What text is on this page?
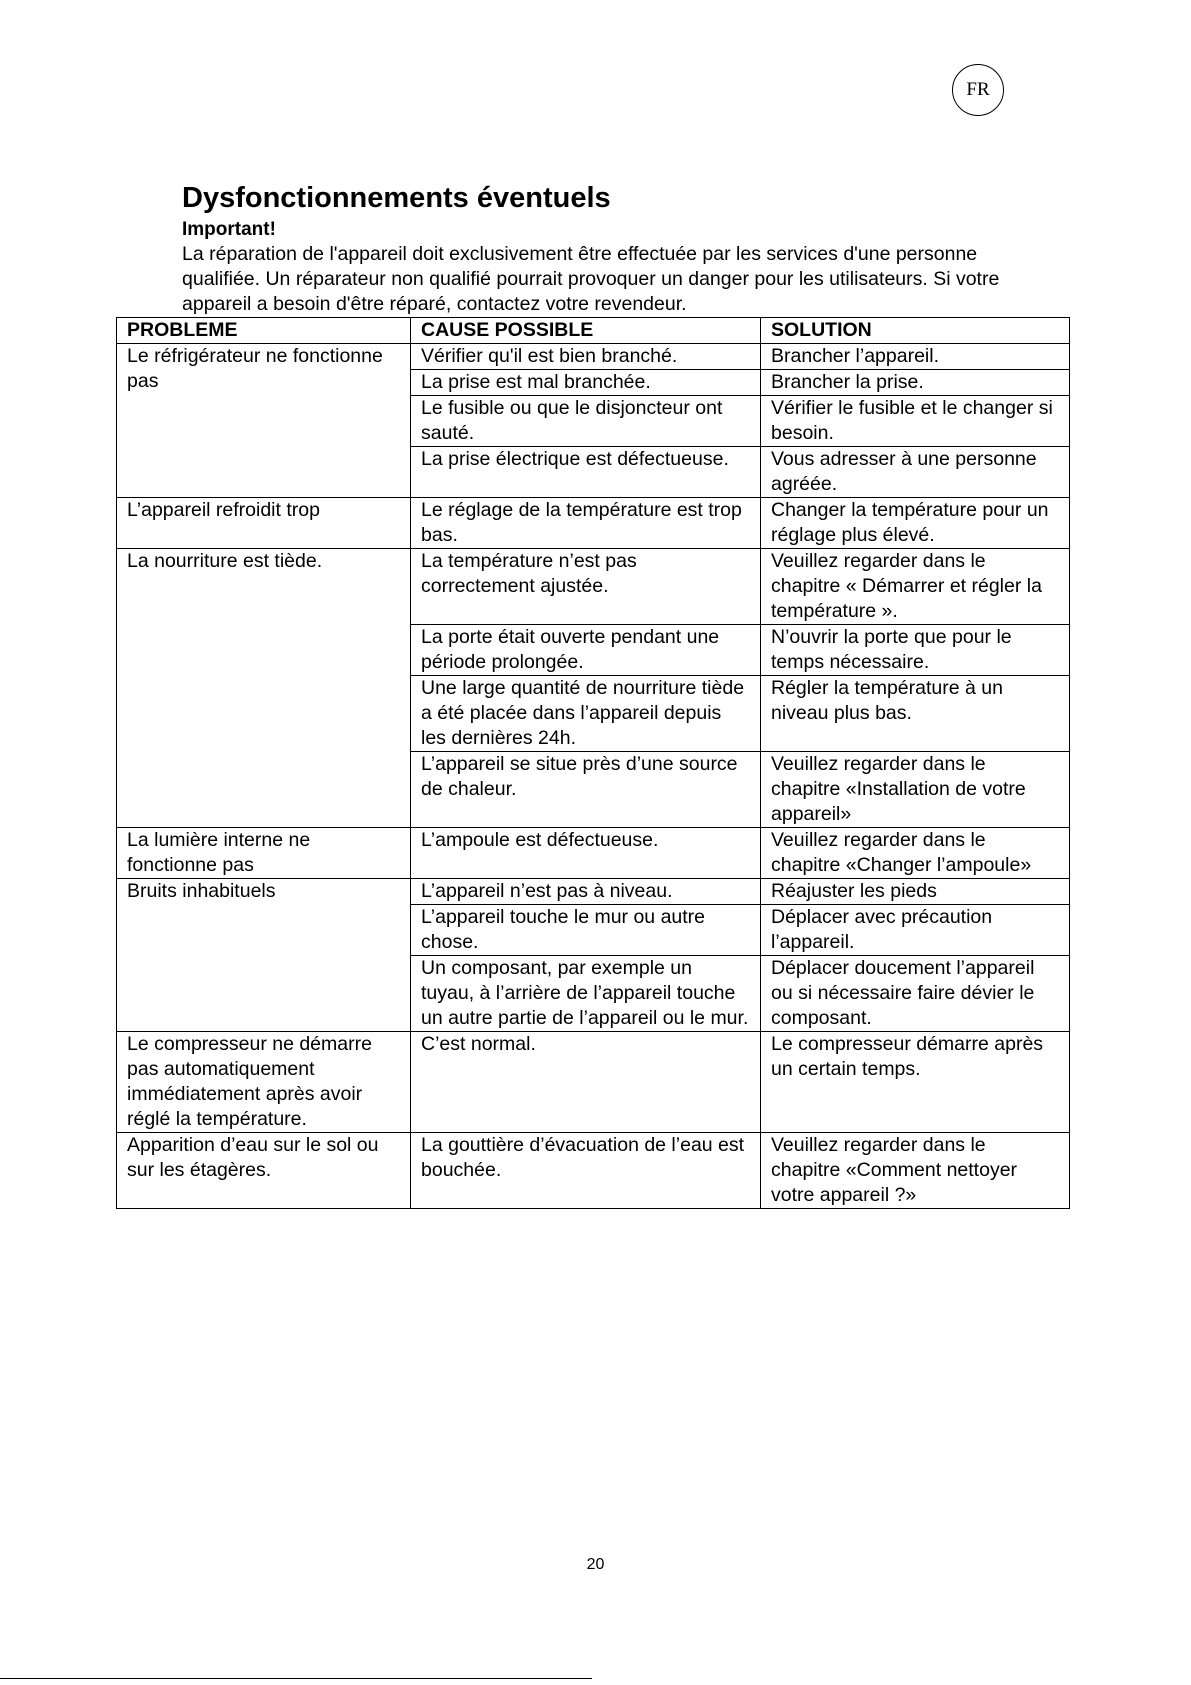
FR
Dysfonctionnements éventuels
Important!

La réparation de l'appareil doit exclusivement être effectuée par les services d'une personne qualifiée. Un réparateur non qualifié pourrait provoquer un danger pour les utilisateurs. Si votre appareil a besoin d'être réparé, contactez votre revendeur.

PROBLEME	CAUSE POSSIBLE	SOLUTION
Le réfrigérateur ne fonctionne pas	Vérifier qu'il est bien branché.	Brancher l’appareil.
	La prise est mal branchée.	Brancher la prise.
	Le fusible ou que le disjoncteur ont sauté.	Vérifier le fusible et le changer si besoin.
	La prise électrique est défectueuse.	Vous adresser à une personne agréée.
L’appareil refroidit trop	Le réglage de la température est trop bas.	Changer la température pour un réglage plus élevé.
La nourriture est tiède.	La température n’est pas correctement ajustée.	Veuillez regarder dans le chapitre « Démarrer et régler la température ».
	La porte était ouverte pendant une période prolongée.	N’ouvrir la porte que pour le temps nécessaire.
	Une large quantité de nourriture tiède a été placée dans l’appareil depuis les dernières 24h.	Régler la température à un niveau plus bas.
	L’appareil se situe près d’une source de chaleur.	Veuillez regarder dans le chapitre «Installation de votre appareil»
La lumière interne ne fonctionne pas	L’ampoule est défectueuse.	Veuillez regarder dans le chapitre «Changer l’ampoule»
Bruits inhabituels	L’appareil n’est pas à niveau.	Réajuster les pieds
	L’appareil touche le mur ou autre chose.	Déplacer avec précaution l’appareil.
	Un composant, par exemple un tuyau, à l’arrière de l’appareil touche un autre partie de l’appareil ou le mur.	Déplacer doucement l’appareil ou si nécessaire faire dévier le composant.
Le compresseur ne démarre pas automatiquement immédiatement après avoir réglé la température.	C’est normal.	Le compresseur démarre après un certain temps.
Apparition d’eau sur le sol ou sur les étagères.	La gouttière d’évacuation de l’eau est bouchée.	Veuillez regarder dans le chapitre «Comment nettoyer votre appareil ?»
20
